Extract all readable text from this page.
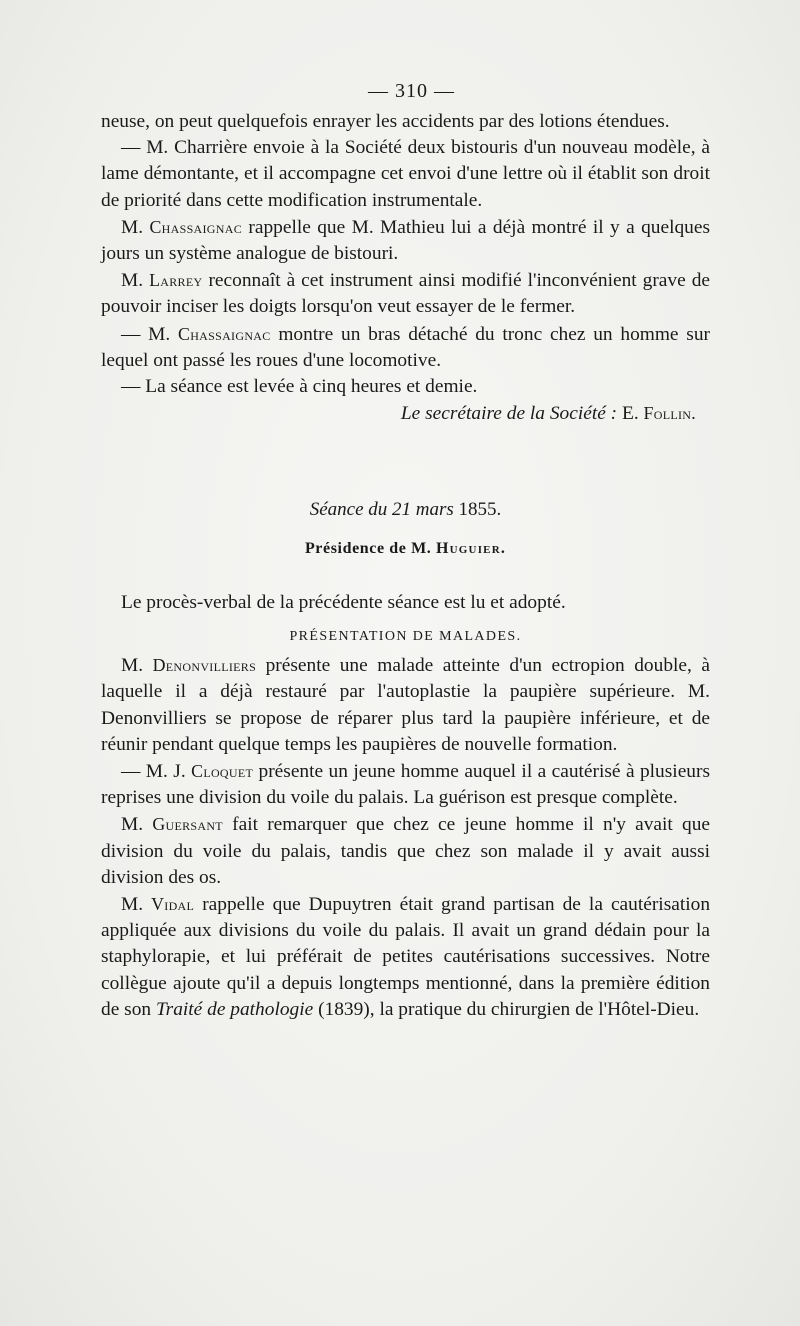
— 310 —

neuse, on peut quelquefois enrayer les accidents par des lotions étendues.

— M. Charrière envoie à la Société deux bistouris d'un nouveau modèle, à lame démontante, et il accompagne cet envoi d'une lettre où il établit son droit de priorité dans cette modification instrumentale.

M. Chassaignac rappelle que M. Mathieu lui a déjà montré il y a quelques jours un système analogue de bistouri.

M. Larrey reconnaît à cet instrument ainsi modifié l'inconvénient grave de pouvoir inciser les doigts lorsqu'on veut essayer de le fermer.

— M. Chassaignac montre un bras détaché du tronc chez un homme sur lequel ont passé les roues d'une locomotive.

— La séance est levée à cinq heures et demie.

Le secrétaire de la Société : E. Follin.

Séance du 21 mars 1855.

Présidence de M. Huguier.

Le procès-verbal de la précédente séance est lu et adopté.

PRÉSENTATION DE MALADES.

M. Denonvilliers présente une malade atteinte d'un ectropion double, à laquelle il a déjà restauré par l'autoplastie la paupière supérieure. M. Denonvilliers se propose de réparer plus tard la paupière inférieure, et de réunir pendant quelque temps les paupières de nouvelle formation.

— M. J. Cloquet présente un jeune homme auquel il a cautérisé à plusieurs reprises une division du voile du palais. La guérison est presque complète.

M. Guersant fait remarquer que chez ce jeune homme il n'y avait que division du voile du palais, tandis que chez son malade il y avait aussi division des os.

M. Vidal rappelle que Dupuytren était grand partisan de la cautérisation appliquée aux divisions du voile du palais. Il avait un grand dédain pour la staphylorapie, et lui préférait de petites cautérisations successives. Notre collègue ajoute qu'il a depuis longtemps mentionné, dans la première édition de son Traité de pathologie (1839), la pratique du chirurgien de l'Hôtel-Dieu.
